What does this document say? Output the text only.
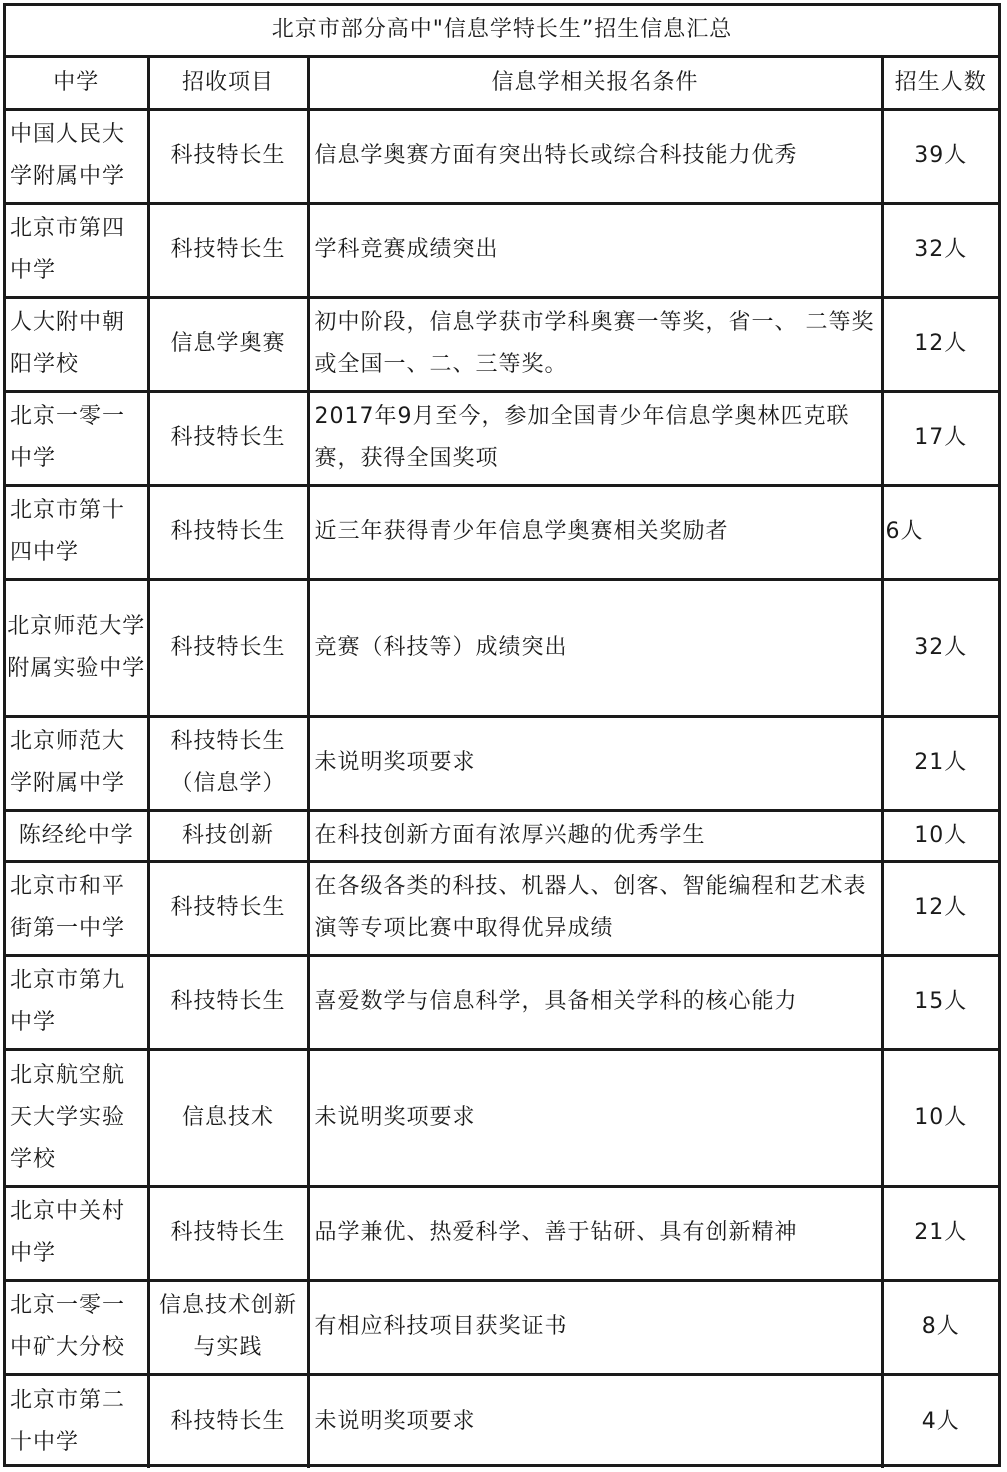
北京市部分高中"信息学特长生”招生信息汇总			
中学	招收项目	信息学相关报名条件	招生人数
中国人民大学附属中学	科技特长生	信息学奥赛方面有突出特长或综合科技能力优秀	39人
北京市第四中学	科技特长生	学科竞赛成绩突出	32人
人大附中朝阳学校	信息学奥赛	初中阶段，信息学获市学科奥赛一等奖，省一、 二等奖或全国一、二、三等奖。	12人
北京一零一中学	科技特长生	2017年9月至今，参加全国青少年信息学奥林匹克联赛，获得全国奖项	17人
北京市第十四中学	科技特长生	近三年获得青少年信息学奥赛相关奖励者	6人
北京师范大学附属实验中学	科技特长生	竞赛（科技等）成绩突出	32人
北京师范大学附属中学	科技特长生（信息学）	未说明奖项要求	21人
陈经纶中学	科技创新	在科技创新方面有浓厚兴趣的优秀学生	10人
北京市和平街第一中学	科技特长生	在各级各类的科技、机器人、创客、智能编程和艺术表演等专项比赛中取得优异成绩	12人
北京市第九中学	科技特长生	喜爱数学与信息科学，具备相关学科的核心能力	15人
北京航空航天大学实验学校	信息技术	未说明奖项要求	10人
北京中关村中学	科技特长生	品学兼优、热爱科学、善于钻研、具有创新精神	21人
北京一零一中矿大分校	信息技术创新与实践	有相应科技项目获奖证书	8人
北京市第二十中学	科技特长生	未说明奖项要求	4人
